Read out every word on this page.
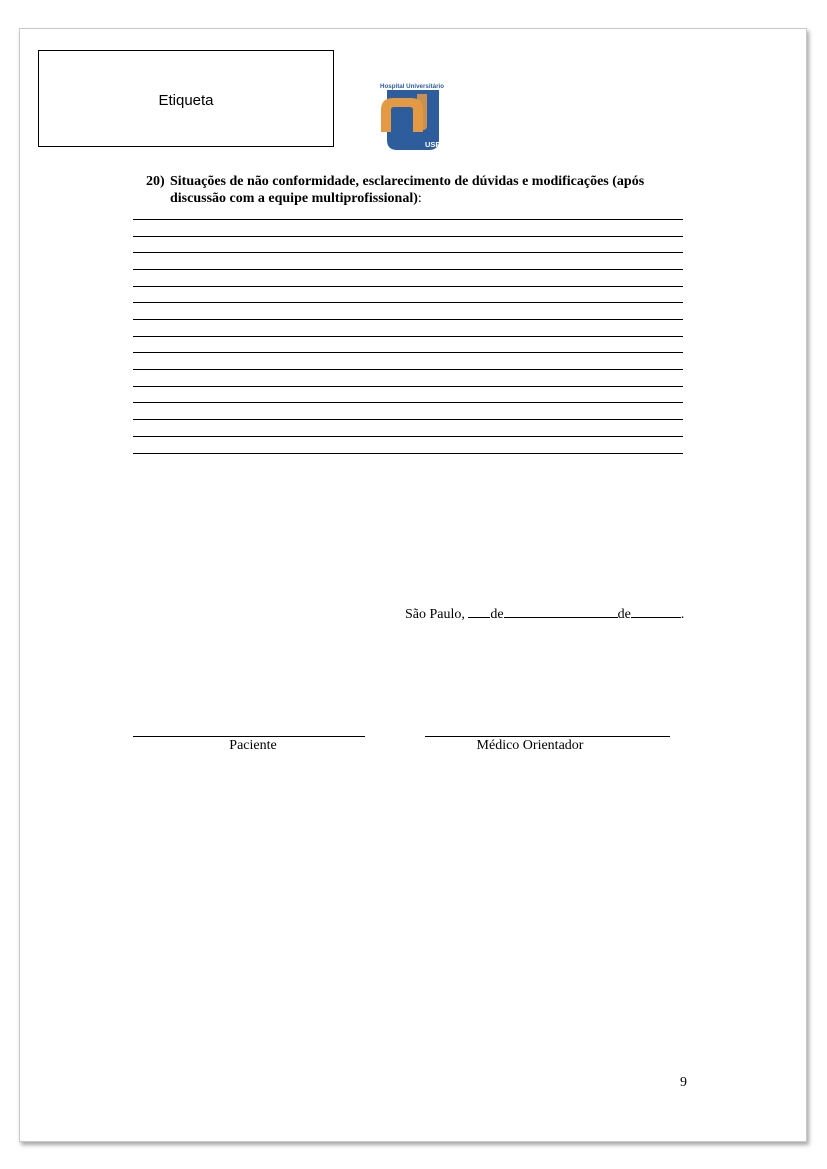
Etiqueta
Hospital Universitário
USP
20) Situações de não conformidade, esclarecimento de dúvidas e modificações (após
discussão com a equipe multiprofissional):
São Paulo, de	de	.
Paciente	Médico Orientador
9
